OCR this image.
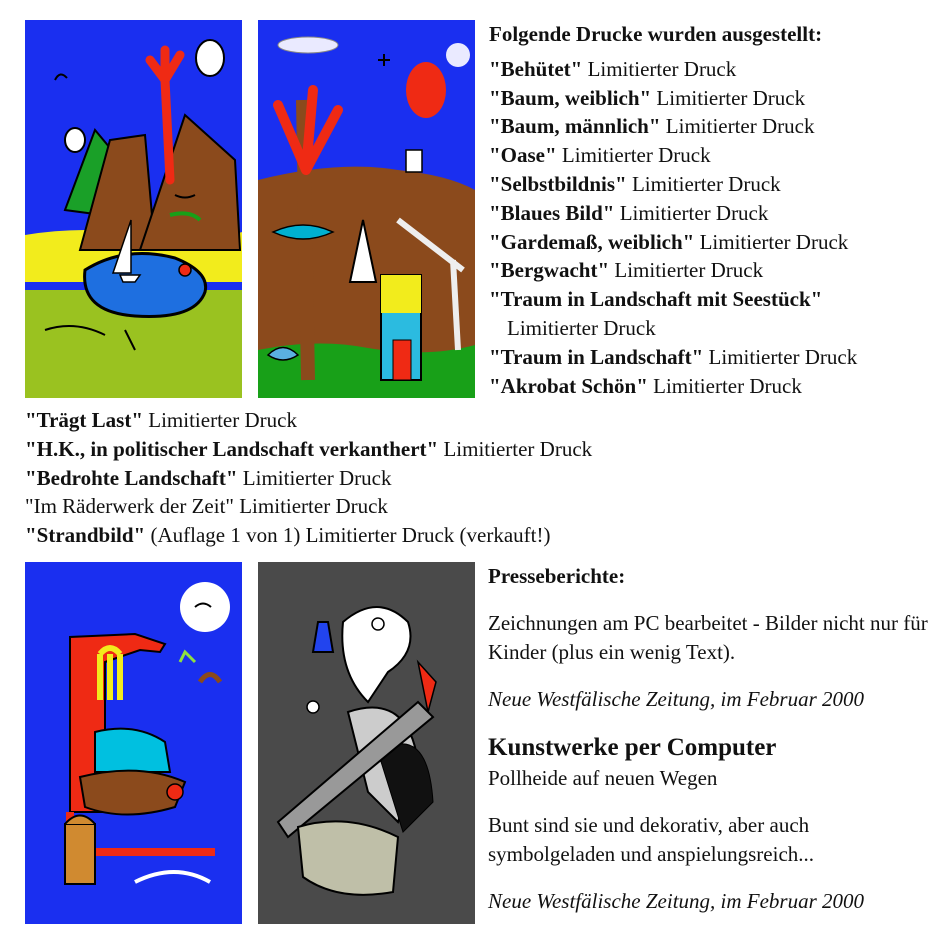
Folgende Drucke wurden ausgestellt:

"Behütet" Limitierter Druck

"Baum, weiblich" Limitierter Druck

"Baum, männlich" Limitierter Druck

"Oase" Limitierter Druck

"Selbstbildnis" Limitierter Druck

"Blaues Bild" Limitierter Druck

"Gardemaß, weiblich" Limitierter Druck

"Bergwacht" Limitierter Druck

"Traum in Landschaft mit Seestück"

Limitierter Druck

"Traum in Landschaft" Limitierter Druck

"Akrobat Schön" Limitierter Druck

"Trägt Last" Limitierter Druck

"H.K., in politischer Landschaft verkanthert" Limitierter Druck

"Bedrohte Landschaft" Limitierter Druck

"Im Räderwerk der Zeit" Limitierter Druck

"Strandbild" (Auflage 1 von 1) Limitierter Druck (verkauft!)

Presseberichte:

Zeichnungen am PC bearbeitet - Bilder nicht nur für Kinder (plus ein wenig Text).

Neue Westfälische Zeitung, im Februar 2000

Kunstwerke per Computer

Pollheide auf neuen Wegen

Bunt sind sie und dekorativ, aber auch symbolgeladen und anspielungsreich...

Neue Westfälische Zeitung, im Februar 2000
